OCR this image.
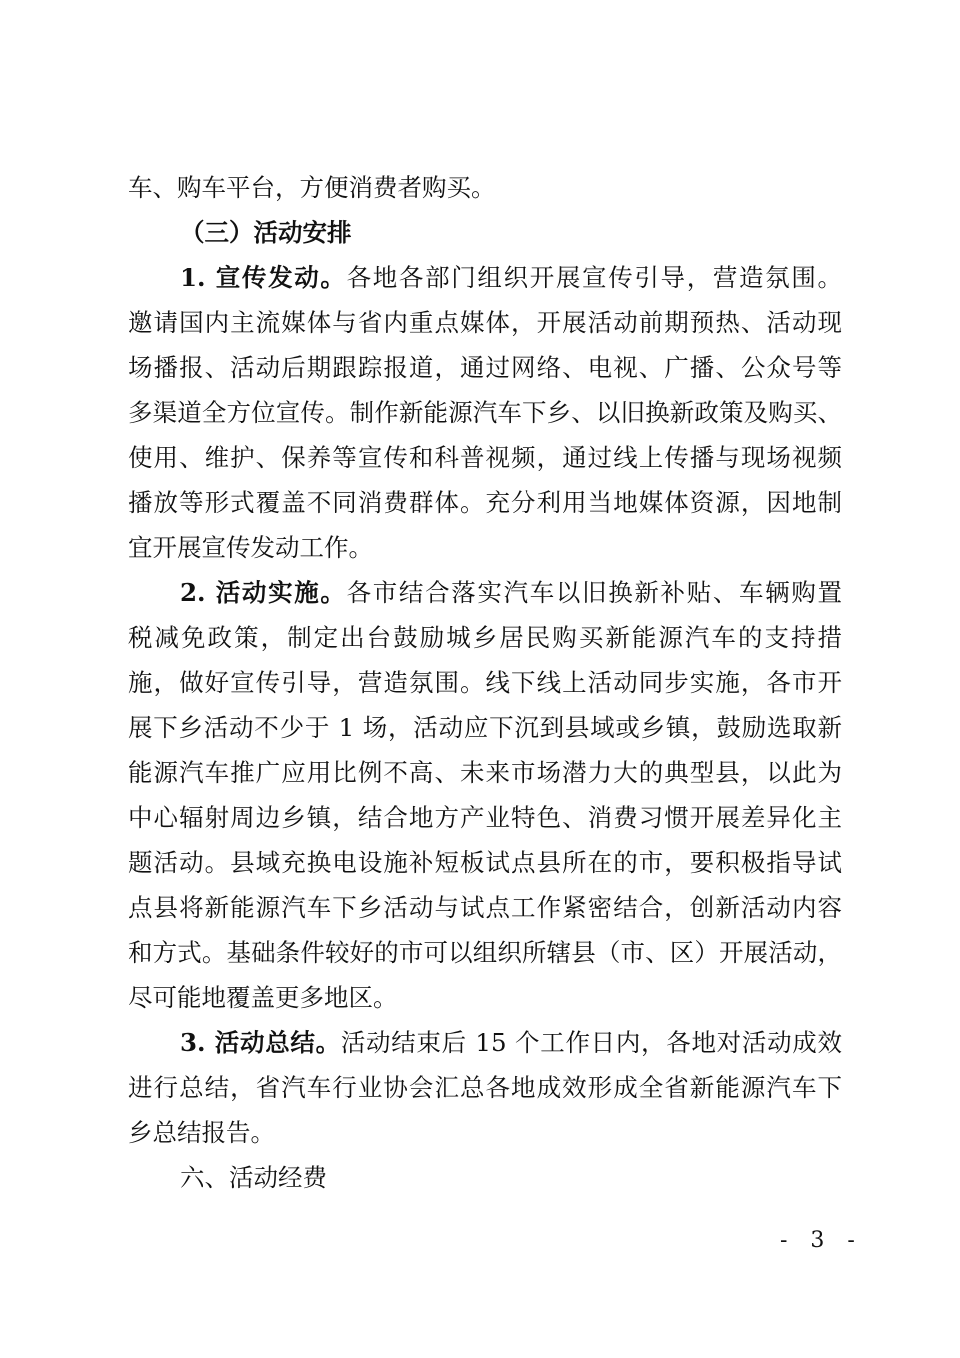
车、购车平台，方便消费者购买。
（三）活动安排
1. 宣传发动。各地各部门组织开展宣传引导，营造氛围。
邀请国内主流媒体与省内重点媒体，开展活动前期预热、活动现
场播报、活动后期跟踪报道，通过网络、电视、广播、公众号等
多渠道全方位宣传。制作新能源汽车下乡、以旧换新政策及购买、
使用、维护、保养等宣传和科普视频，通过线上传播与现场视频
播放等形式覆盖不同消费群体。充分利用当地媒体资源，因地制
宜开展宣传发动工作。
2. 活动实施。各市结合落实汽车以旧换新补贴、车辆购置
税减免政策，制定出台鼓励城乡居民购买新能源汽车的支持措
施，做好宣传引导，营造氛围。线下线上活动同步实施，各市开
展下乡活动不少于 1 场，活动应下沉到县域或乡镇，鼓励选取新
能源汽车推广应用比例不高、未来市场潜力大的典型县，以此为
中心辐射周边乡镇，结合地方产业特色、消费习惯开展差异化主
题活动。县域充换电设施补短板试点县所在的市，要积极指导试
点县将新能源汽车下乡活动与试点工作紧密结合，创新活动内容
和方式。基础条件较好的市可以组织所辖县（市、区）开展活动，
尽可能地覆盖更多地区。
3. 活动总结。活动结束后 15 个工作日内，各地对活动成效
进行总结，省汽车行业协会汇总各地成效形成全省新能源汽车下
乡总结报告。
六、活动经费
- 3 -
